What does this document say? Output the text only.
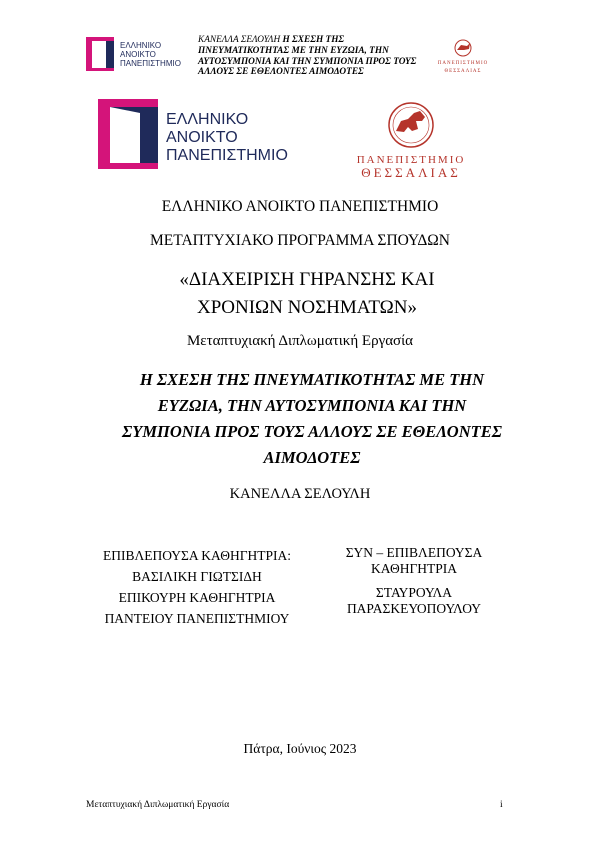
ΕΛΛΗΝΙΚΟ
ΑΝΟΙΚΤΟ
ΠΑΝΕΠΙΣΤΗΜΙΟ
ΚΑΝΕΛΛΑ ΣΕΛΟΥΛΗ Η ΣΧΕΣΗ ΤΗΣ ΠΝΕΥΜΑΤΙΚΟΤΗΤΑΣ ΜΕ ΤΗΝ ΕΥΖΩΙΑ, ΤΗΝ ΑΥΤΟΣΥΜΠΟΝΙΑ ΚΑΙ ΤΗΝ ΣΥΜΠΟΝΙΑ ΠΡΟΣ ΤΟΥΣ ΑΛΛΟΥΣ ΣΕ ΕΘΕΛΟΝΤΕΣ ΑΙΜΟΔΟΤΕΣ
ΠΑΝΕΠΙΣΤΗΜΙΟ
ΘΕΣΣΑΛΙΑΣ
ΕΛΛΗΝΙΚΟ
ΑΝΟΙΚΤΟ
ΠΑΝΕΠΙΣΤΗΜΙΟ	ΠΑΝΕΠΙΣΤΗΜΙΟ
ΘΕΣΣΑΛΙΑΣ
ΕΛΛΗΝΙΚΟ ΑΝΟΙΚΤΟ ΠΑΝΕΠΙΣΤΗΜΙΟ
ΜΕΤΑΠΤΥΧΙΑΚΟ ΠΡΟΓΡΑΜΜΑ ΣΠΟΥΔΩΝ
«ΔΙΑΧΕΙΡΙΣΗ ΓΗΡΑΝΣΗΣ ΚΑΙ ΧΡΟΝΙΩΝ ΝΟΣΗΜΑΤΩΝ»
Μεταπτυχιακή Διπλωματική Εργασία
Η ΣΧΕΣΗ ΤΗΣ ΠΝΕΥΜΑΤΙΚΟΤΗΤΑΣ ΜΕ ΤΗΝ ΕΥΖΩΙΑ, ΤΗΝ ΑΥΤΟΣΥΜΠΟΝΙΑ ΚΑΙ ΤΗΝ ΣΥΜΠΟΝΙΑ ΠΡΟΣ ΤΟΥΣ ΑΛΛΟΥΣ ΣΕ ΕΘΕΛΟΝΤΕΣ ΑΙΜΟΔΟΤΕΣ
ΚΑΝΕΛΛΑ ΣΕΛΟΥΛΗ
ΕΠΙΒΛΕΠΟΥΣΑ ΚΑΘΗΓΗΤΡΙΑ:
ΒΑΣΙΛΙΚΗ ΓΙΩΤΣΙΔΗ
ΕΠΙΚΟΥΡΗ ΚΑΘΗΓΗΤΡΙΑ
ΠΑΝΤΕΙΟΥ ΠΑΝΕΠΙΣΤΗΜΙΟΥ
ΣΥΝ – ΕΠΙΒΛΕΠΟΥΣΑ
ΚΑΘΗΓΗΤΡΙΑ
ΣΤΑΥΡΟΥΛΑ
ΠΑΡΑΣΚΕΥΟΠΟΥΛΟΥ
Πάτρα, Ιούνιος 2023
Μεταπτυχιακή Διπλωματική Εργασία	i
